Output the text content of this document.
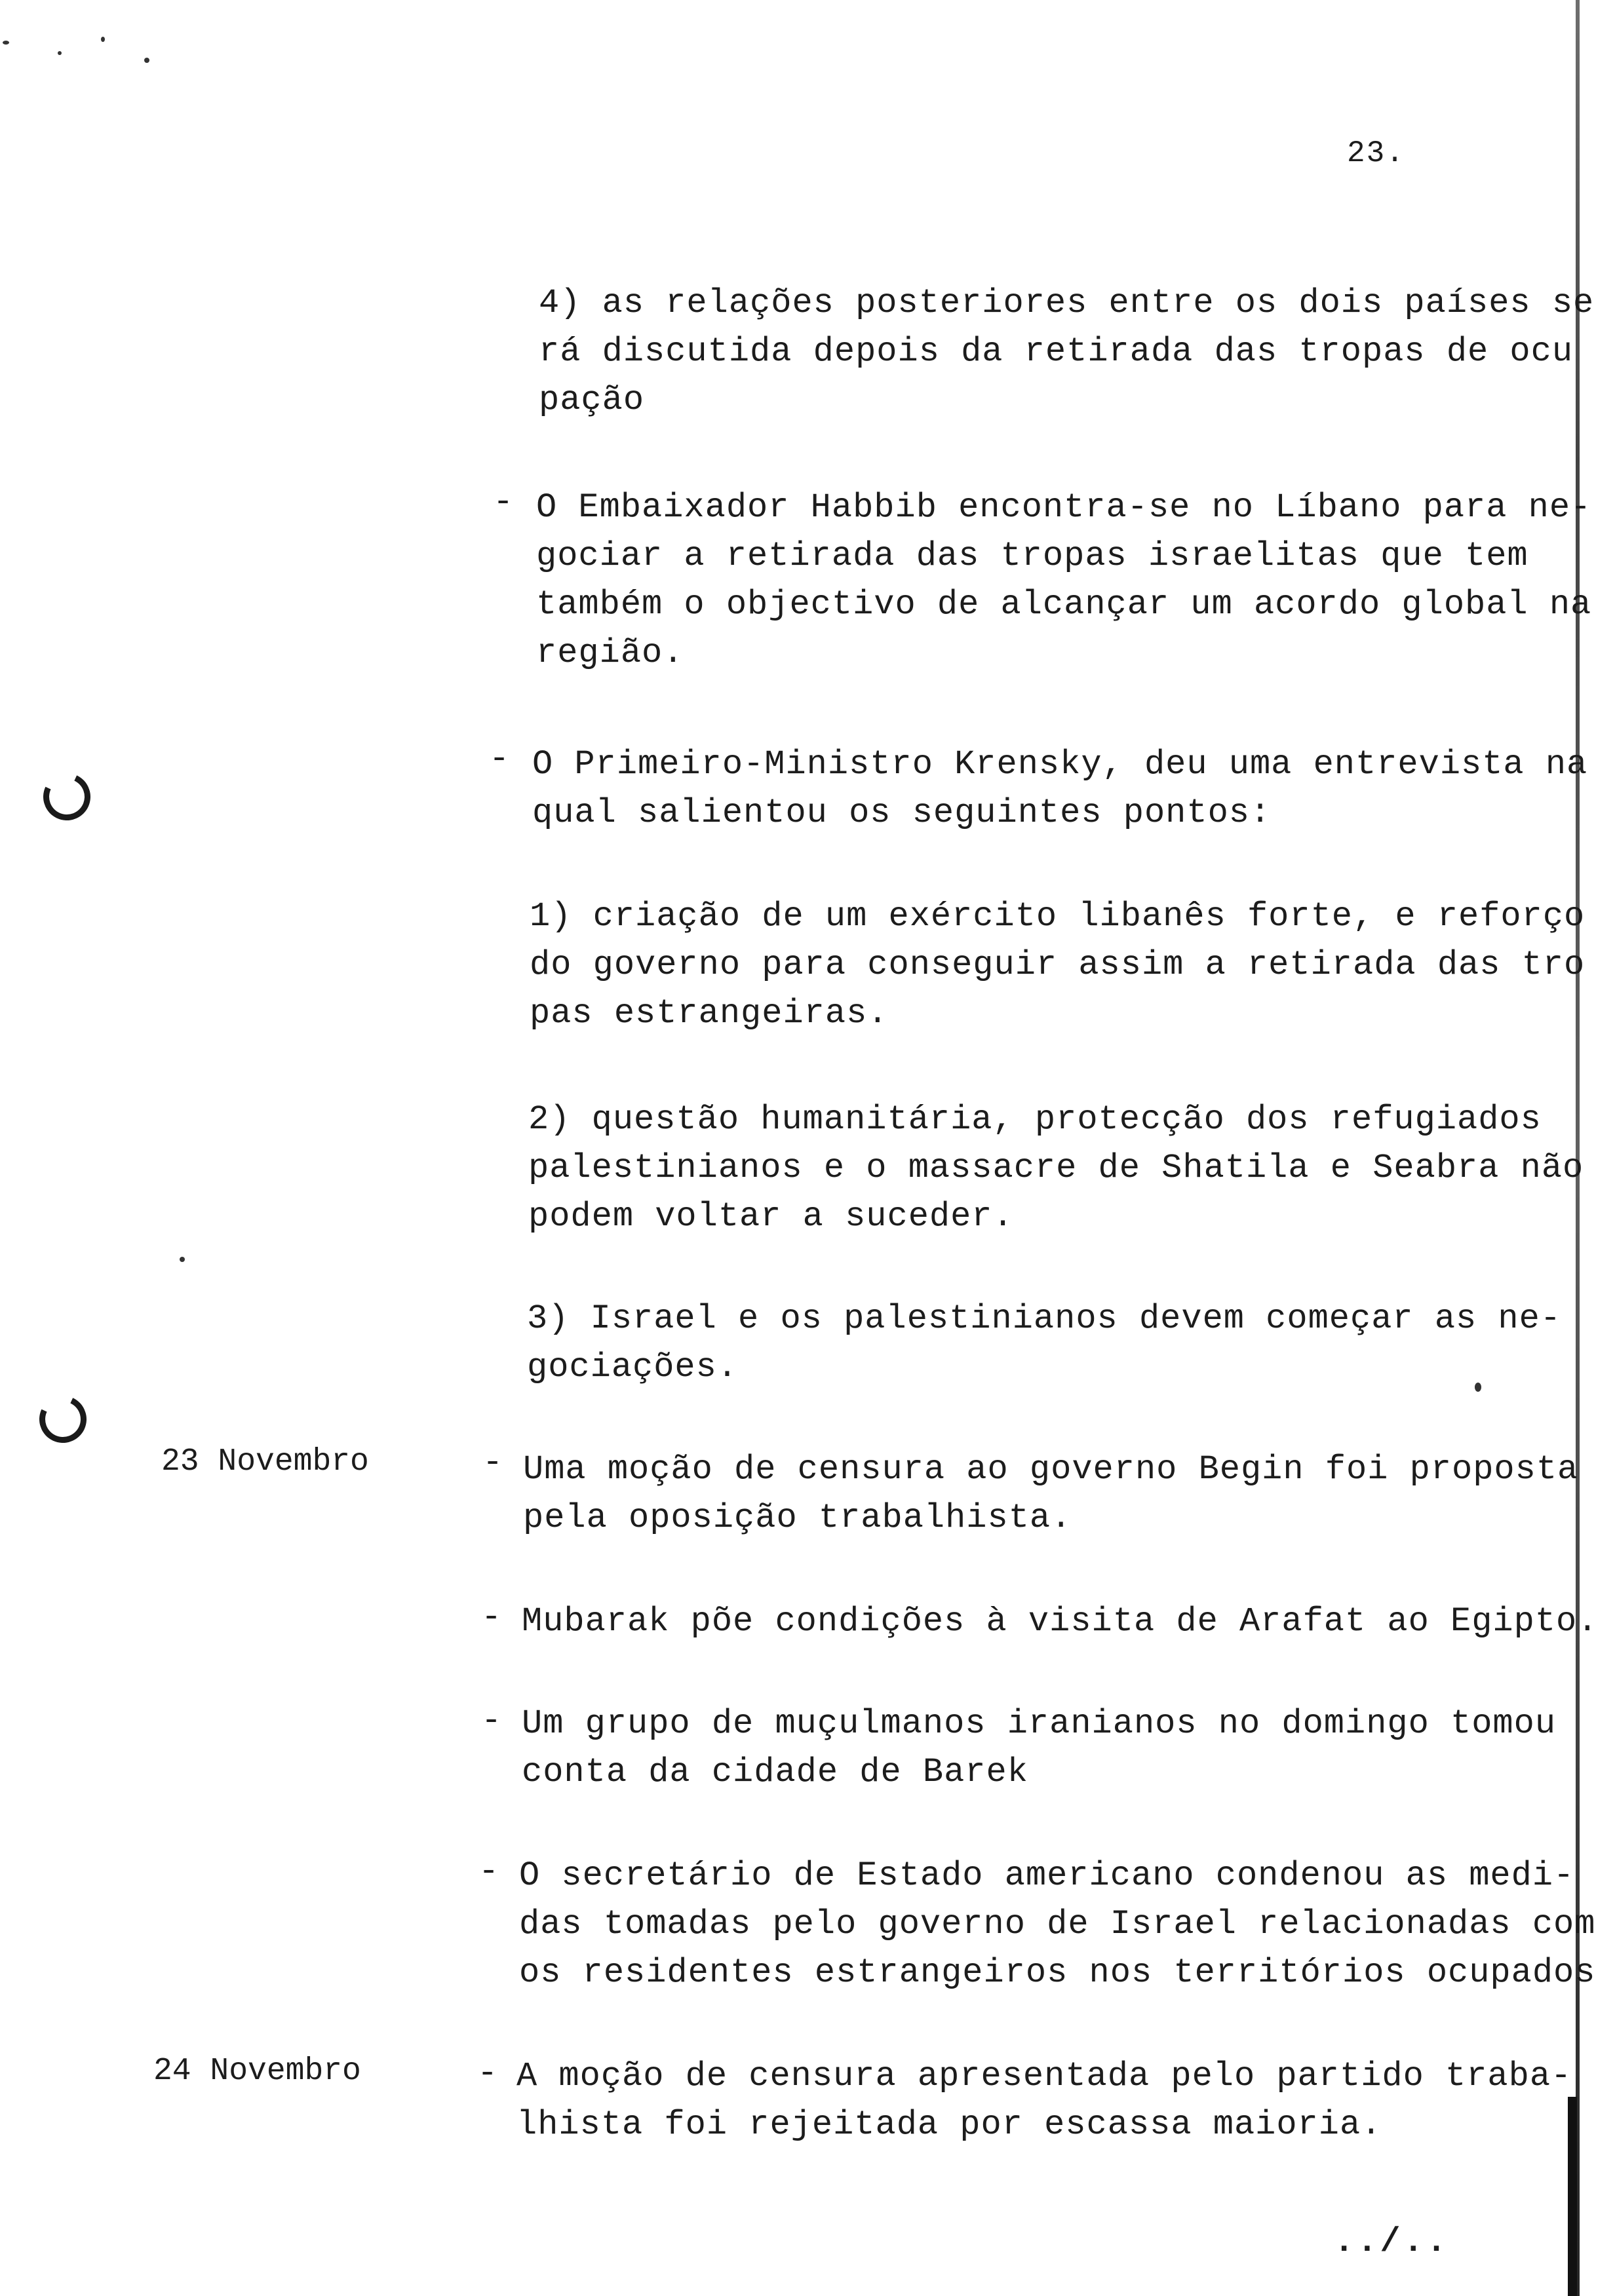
23.
4) as relações posteriores entre os dois países se
rá discutida depois da retirada das tropas de ocu
pação
- O Embaixador Habbib encontra-se no Líbano para ne-
gociar a retirada das tropas israelitas que tem
também o objectivo de alcançar um acordo global na
região.
- O Primeiro-Ministro Krensky, deu uma entrevista na
qual salientou os seguintes pontos:
1) criação de um exército libanês forte, e reforço
do governo para conseguir assim a retirada das tro
pas estrangeiras.
2) questão humanitária, protecção dos refugiados
palestinianos e o massacre de Shatila e Seabra não
podem voltar a suceder.
3) Israel e os palestinianos devem começar as ne-
gociações.
23 Novembro	- Uma moção de censura ao governo Begin foi proposta
pela oposição trabalhista.
- Mubarak põe condições à visita de Arafat ao Egipto.
- Um grupo de muçulmanos iranianos no domingo tomou
conta da cidade de Barek
- O secretário de Estado americano condenou as medi-
das tomadas pelo governo de Israel relacionadas com
os residentes estrangeiros nos territórios ocupados
24 Novembro	- A moção de censura apresentada pelo partido traba-
lhista foi rejeitada por escassa maioria.
../..
